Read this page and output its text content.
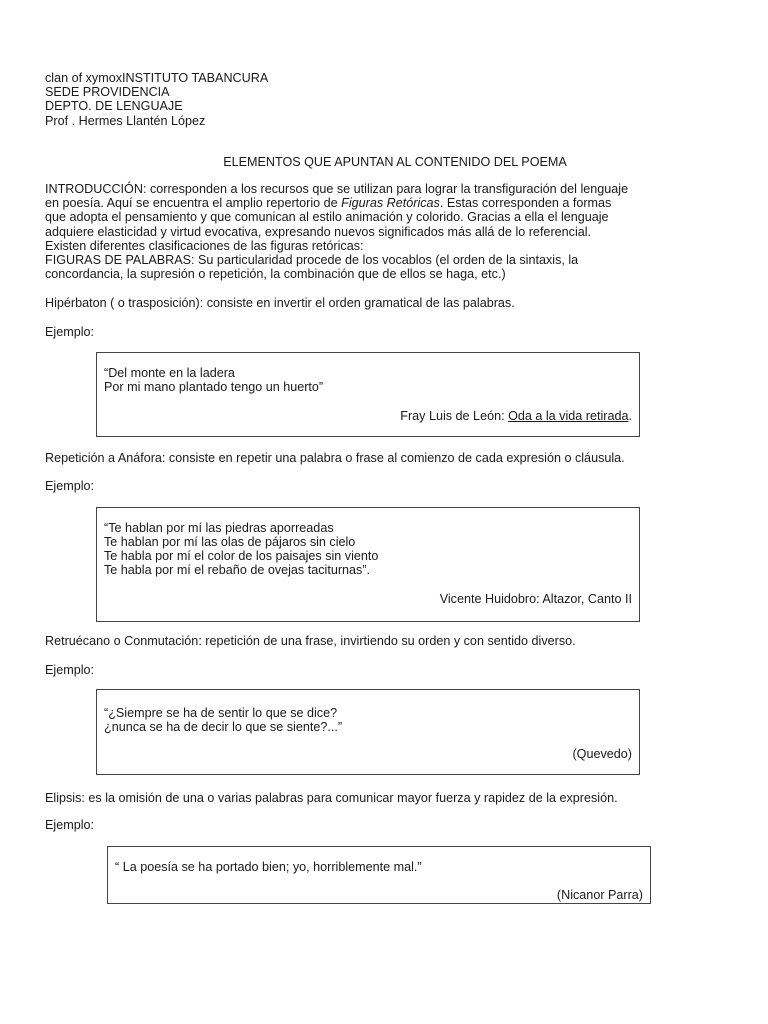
clan of xymoxINSTITUTO TABANCURA
SEDE PROVIDENCIA
DEPTO. DE LENGUAJE
Prof . Hermes Llantén López
ELEMENTOS QUE APUNTAN AL CONTENIDO DEL POEMA
INTRODUCCIÓN: corresponden a los recursos que se utilizan para lograr la transfiguración del lenguaje
en poesía. Aquí se encuentra el amplio repertorio de Figuras Retóricas. Estas corresponden a formas
que adopta el pensamiento y que comunican al estilo animación y colorido. Gracias a ella el lenguaje
adquiere elasticidad y virtud evocativa, expresando nuevos significados más allá de lo referencial.
Existen diferentes clasificaciones de las figuras retóricas:
FIGURAS DE PALABRAS: Su particularidad procede de los vocablos (el orden de la sintaxis, la
concordancia, la supresión o repetición, la combinación que de ellos se haga, etc.)
Hipérbaton ( o trasposición): consiste en invertir el orden gramatical de las palabras.
Ejemplo:
“Del monte en la ladera
Por mi mano plantado tengo un huerto”
Fray Luis de León: Oda a la vida retirada.
Repetición a Anáfora: consiste en repetir una palabra o frase al comienzo de cada expresión o cláusula.
Ejemplo:
“Te hablan por mí las piedras aporreadas
Te hablan por mí las olas de pájaros sin cielo
Te habla por mí el color de los paisajes sin viento
Te habla por mí el rebaño de ovejas taciturnas”.
Vicente Huidobro: Altazor, Canto II
Retruécano o Conmutación: repetición de una frase, invirtiendo su orden y con sentido diverso.
Ejemplo:
“¿Siempre se ha de sentir lo que se dice?
¿nunca se ha de decir lo que se siente?...”
(Quevedo)
Elipsis: es la omisión de una o varias palabras para comunicar mayor fuerza y rapidez de la expresión.
Ejemplo:
“ La poesía se ha portado bien; yo, horriblemente mal.”
(Nicanor Parra)
